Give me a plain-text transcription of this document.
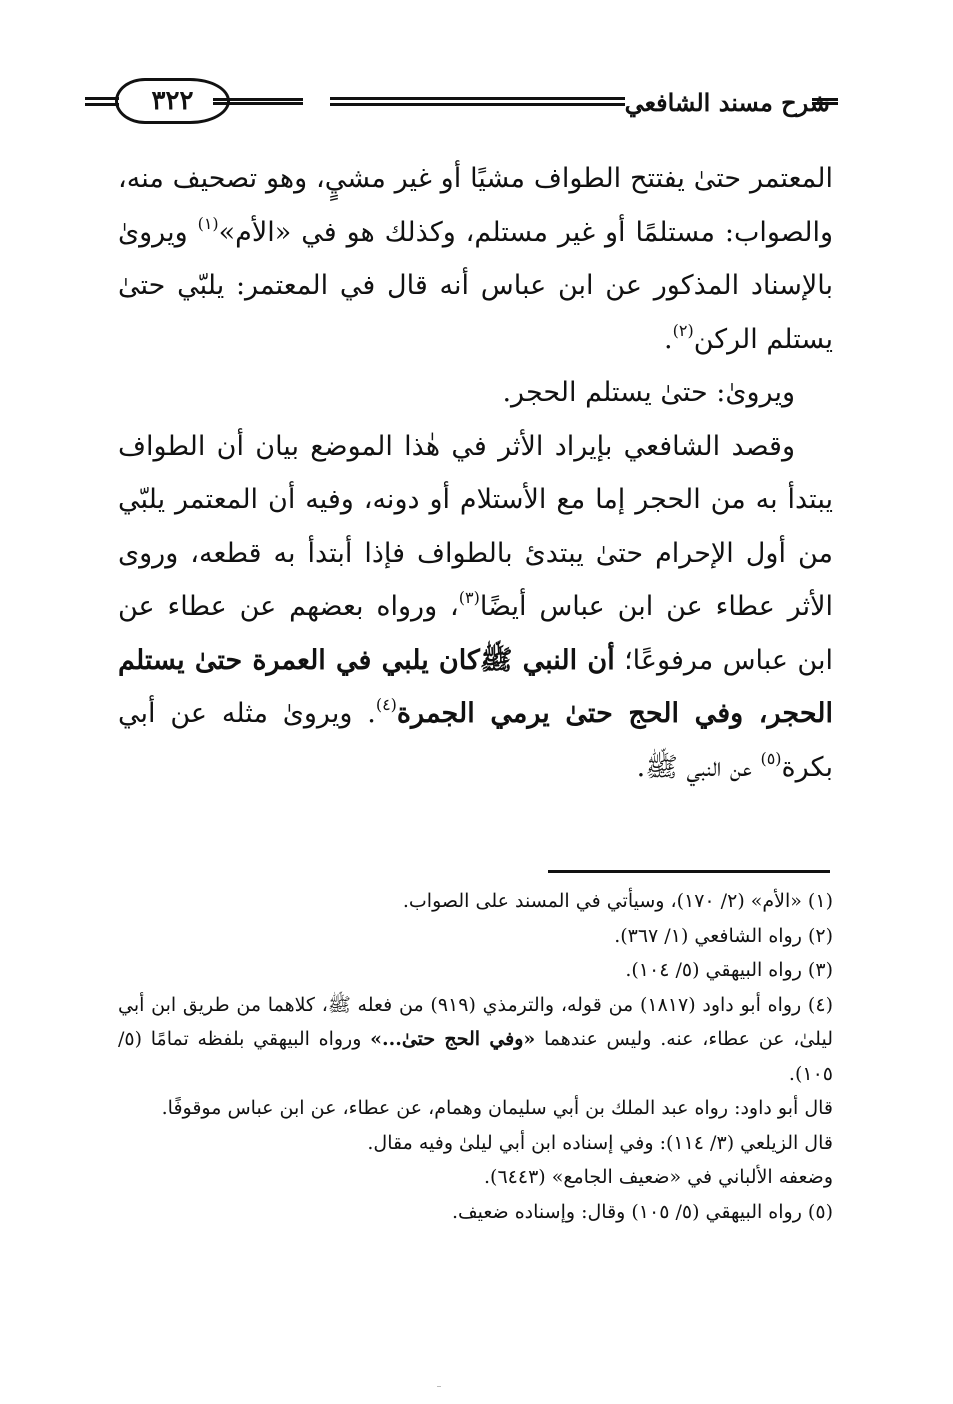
شرح مسند الشافعي
٣٢٢

المعتمر حتىٰ يفتتح الطواف مشيًا أو غير مشيٍ، وهو تصحيف منه، والصواب: مستلمًا أو غير مستلم، وكذلك هو في «الأم»$^{(١)}$ ويروىٰ بالإسناد المذكور عن ابن عباس أنه قال في المعتمر: يلبّي حتىٰ يستلم الركن$^{(٢)}$.

ويروىٰ: حتىٰ يستلم الحجر.

وقصد الشافعي بإيراد الأثر في هٰذا الموضع بيان أن الطواف يبتدأ به من الحجر إما مع الأستلام أو دونه، وفيه أن المعتمر يلبّي من أول الإحرام حتىٰ يبتدئ بالطواف فإذا أبتدأ به قطعه، وروى الأثر عطاء عن ابن عباس أيضًا$^{(٣)}$، ورواه بعضهم عن عطاء عن ابن عباس مرفوعًا؛ أن النبي ﷺكان يلبي في العمرة حتىٰ يستلم الحجر، وفي الحج حتىٰ يرمي الجمرة$^{(٤)}$. ويروىٰ مثله عن أبي بكرة$^{(٥)}$ عن النبي ﷺ.

(١) «الأم» (٢/ ١٧٠)، وسيأتي في المسند على الصواب.

(٢) رواه الشافعي (١/ ٣٦٧).

(٣) رواه البيهقي (٥/ ١٠٤).

(٤) رواه أبو داود (١٨١٧) من قوله، والترمذي (٩١٩) من فعله ﷺ، كلاهما من طريق ابن أبي ليلىٰ، عن عطاء، عنه. وليس عندهما «وفي الحج حتىٰ...» ورواه البيهقي بلفظه تمامًا (٥/ ١٠٥).

قال أبو داود: رواه عبد الملك بن أبي سليمان وهمام، عن عطاء، عن ابن عباس موقوفًا.

قال الزيلعي (٣/ ١١٤): وفي إسناده ابن أبي ليلىٰ وفيه مقال.

وضعفه الألباني في «ضعيف الجامع» (٦٤٤٣).

(٥) رواه البيهقي (٥/ ١٠٥) وقال: وإسناده ضعيف.
